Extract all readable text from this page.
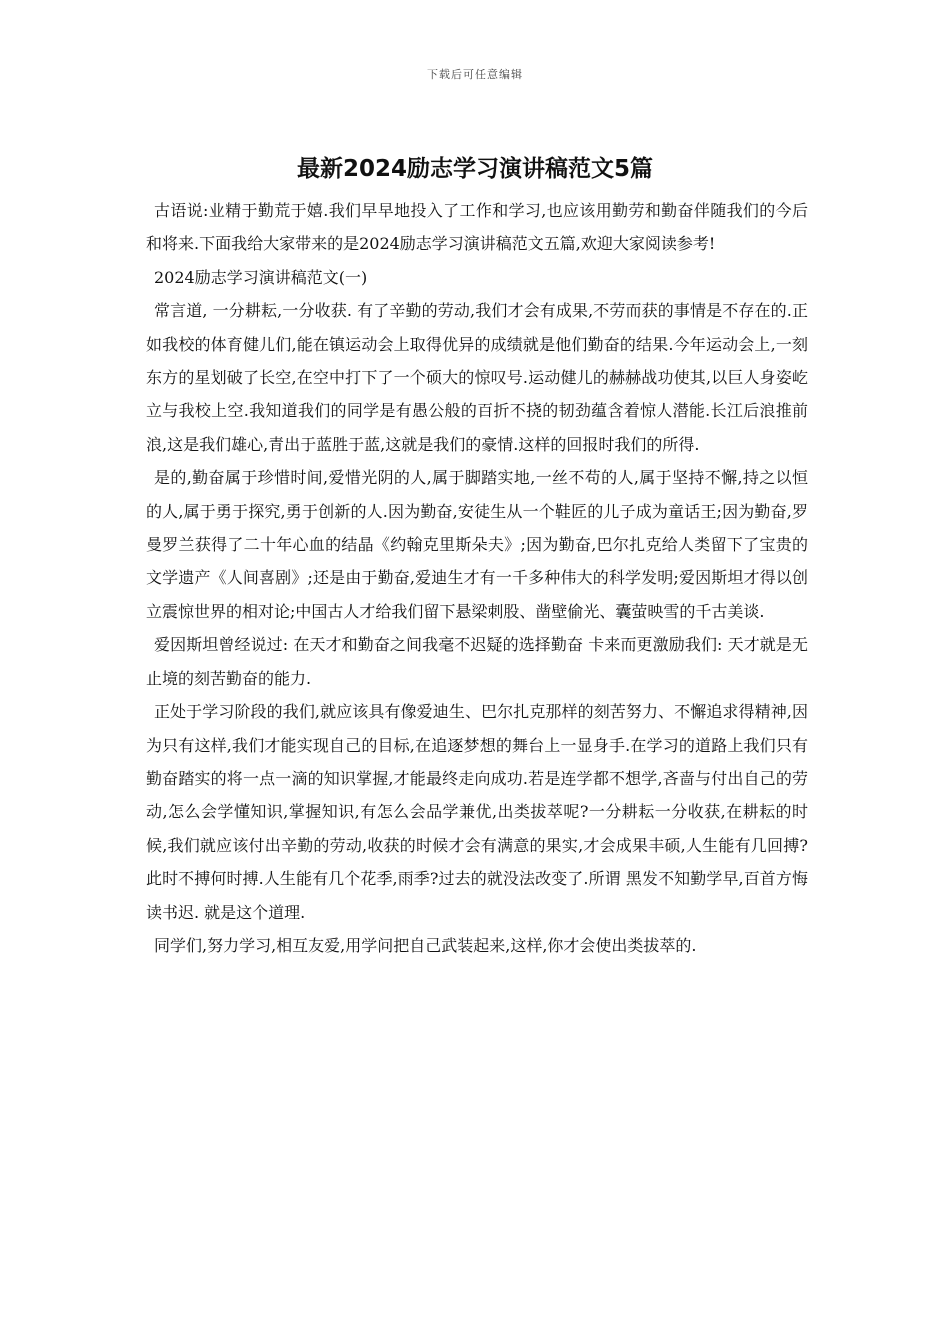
下载后可任意编辑
最新2024励志学习演讲稿范文5篇

古语说:业精于勤荒于嬉.我们早早地投入了工作和学习,也应该用勤劳和勤奋伴随我们的今后和将来.下面我给大家带来的是2024励志学习演讲稿范文五篇,欢迎大家阅读参考!

2024励志学习演讲稿范文(一)

常言道, 一分耕耘,一分收获. 有了辛勤的劳动,我们才会有成果,不劳而获的事情是不存在的.正如我校的体育健儿们,能在镇运动会上取得优异的成绩就是他们勤奋的结果.今年运动会上,一刻东方的星划破了长空,在空中打下了一个硕大的惊叹号.运动健儿的赫赫战功使其,以巨人身姿屹立与我校上空.我知道我们的同学是有愚公般的百折不挠的韧劲蕴含着惊人潜能.长江后浪推前浪,这是我们雄心,青出于蓝胜于蓝,这就是我们的豪情.这样的回报时我们的所得.

是的,勤奋属于珍惜时间,爱惜光阴的人,属于脚踏实地,一丝不苟的人,属于坚持不懈,持之以恒的人,属于勇于探究,勇于创新的人.因为勤奋,安徒生从一个鞋匠的儿子成为童话王;因为勤奋,罗曼罗兰获得了二十年心血的结晶《约翰克里斯朵夫》;因为勤奋,巴尔扎克给人类留下了宝贵的文学遗产《人间喜剧》;还是由于勤奋,爱迪生才有一千多种伟大的科学发明;爱因斯坦才得以创立震惊世界的相对论;中国古人才给我们留下悬梁刺股、凿壁偷光、囊萤映雪的千古美谈.

爱因斯坦曾经说过: 在天才和勤奋之间我毫不迟疑的选择勤奋 卡来而更激励我们: 天才就是无止境的刻苦勤奋的能力.

正处于学习阶段的我们,就应该具有像爱迪生、巴尔扎克那样的刻苦努力、不懈追求得精神,因为只有这样,我们才能实现自己的目标,在追逐梦想的舞台上一显身手.在学习的道路上我们只有勤奋踏实的将一点一滴的知识掌握,才能最终走向成功.若是连学都不想学,吝啬与付出自己的劳动,怎么会学懂知识,掌握知识,有怎么会品学兼优,出类拔萃呢?一分耕耘一分收获,在耕耘的时候,我们就应该付出辛勤的劳动,收获的时候才会有满意的果实,才会成果丰硕,人生能有几回搏?此时不搏何时搏.人生能有几个花季,雨季?过去的就没法改变了.所谓 黑发不知勤学早,百首方悔读书迟. 就是这个道理.

同学们,努力学习,相互友爱,用学问把自己武装起来,这样,你才会使出类拔萃的.
